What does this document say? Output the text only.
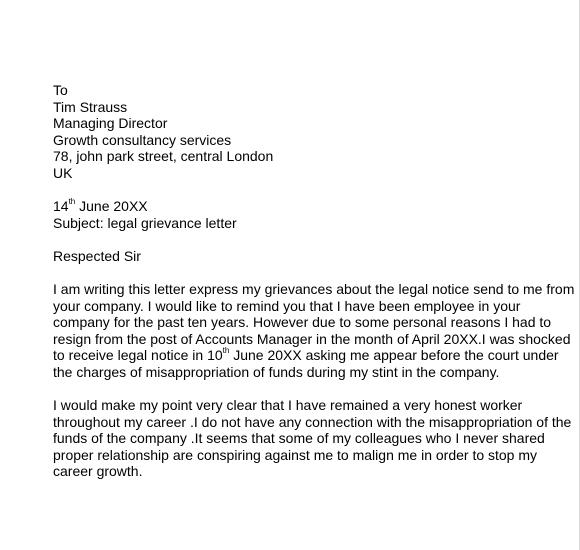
To
Tim Strauss
Managing Director
Growth consultancy services
78, john park street, central London
UK
14th June 20XX
Subject: legal grievance letter
Respected Sir
I am writing this letter express my grievances about the legal notice send to me from
your company. I would like to remind you that I have been employee in your
company for the past ten years. However due to some personal reasons I had to
resign from the post of Accounts Manager in the month of April 20XX.I was shocked
to receive legal notice in 10th June 20XX asking me appear before the court under
the charges of misappropriation of funds during my stint in the company.
I would make my point very clear that I have remained a very honest worker
throughout my career .I do not have any connection with the misappropriation of the
funds of the company .It seems that some of my colleagues who I never shared
proper relationship are conspiring against me to malign me in order to stop my
career growth.
